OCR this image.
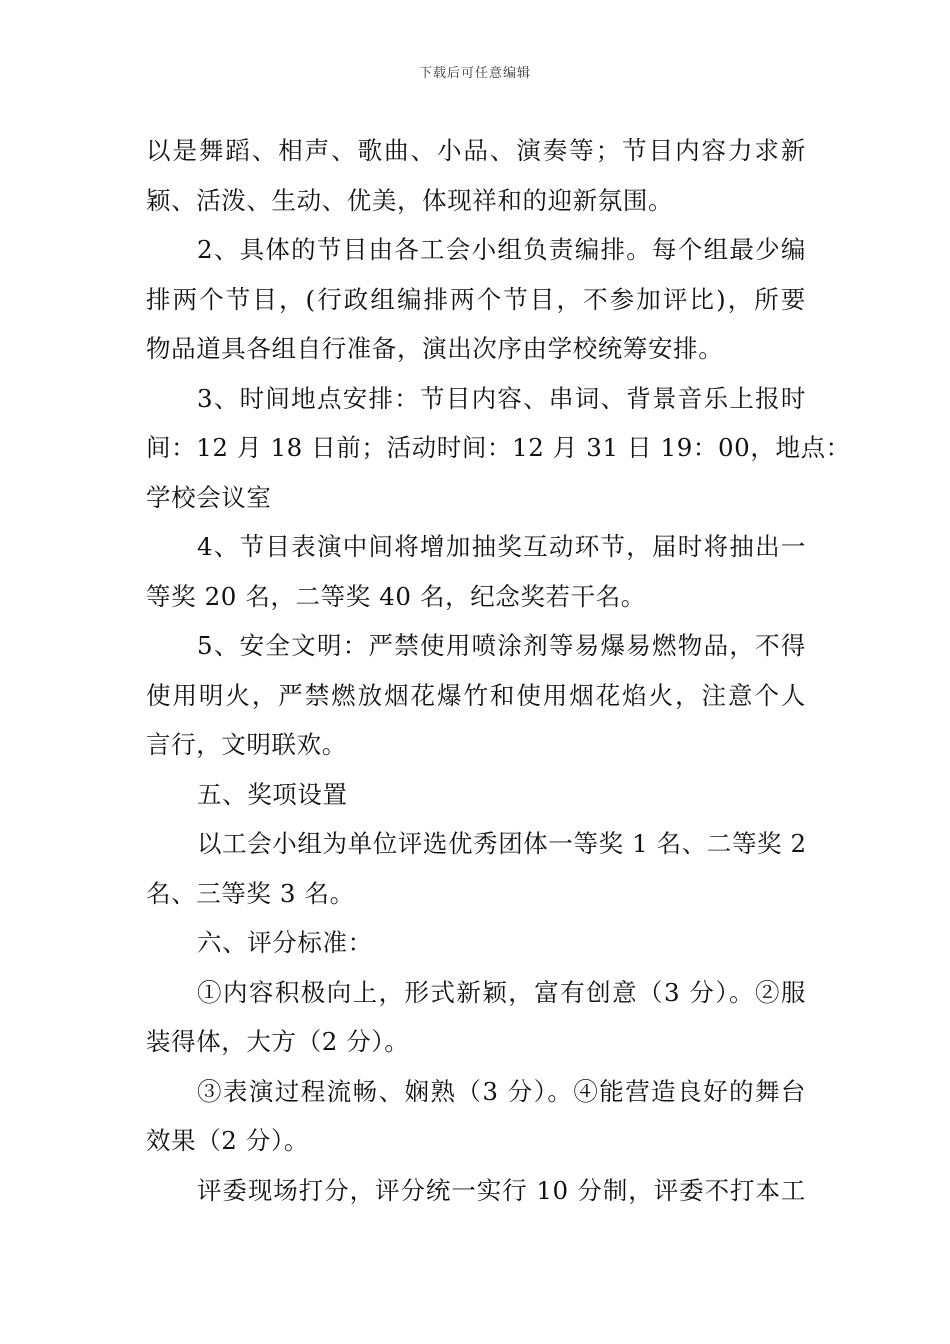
下载后可任意编辑
以是舞蹈、相声、歌曲、小品、演奏等；节目内容力求新
颖、活泼、生动、优美，体现祥和的迎新氛围。
2、具体的节目由各工会小组负责编排。每个组最少编
排两个节目，(行政组编排两个节目，不参加评比)，所要
物品道具各组自行准备，演出次序由学校统筹安排。
3、时间地点安排：节目内容、串词、背景音乐上报时
间：12 月 18 日前；活动时间：12 月 31 日 19：00，地点：
学校会议室
4、节目表演中间将增加抽奖互动环节，届时将抽出一
等奖 20 名，二等奖 40 名，纪念奖若干名。
5、安全文明：严禁使用喷涂剂等易爆易燃物品，不得
使用明火，严禁燃放烟花爆竹和使用烟花焰火，注意个人
言行，文明联欢。
五、奖项设置
以工会小组为单位评选优秀团体一等奖 1 名、二等奖 2
名、三等奖 3 名。
六、评分标准：
①内容积极向上，形式新颖，富有创意（3 分）。②服
装得体，大方（2 分）。
③表演过程流畅、娴熟（3 分）。④能营造良好的舞台
效果（2 分）。
评委现场打分，评分统一实行 10 分制，评委不打本工
